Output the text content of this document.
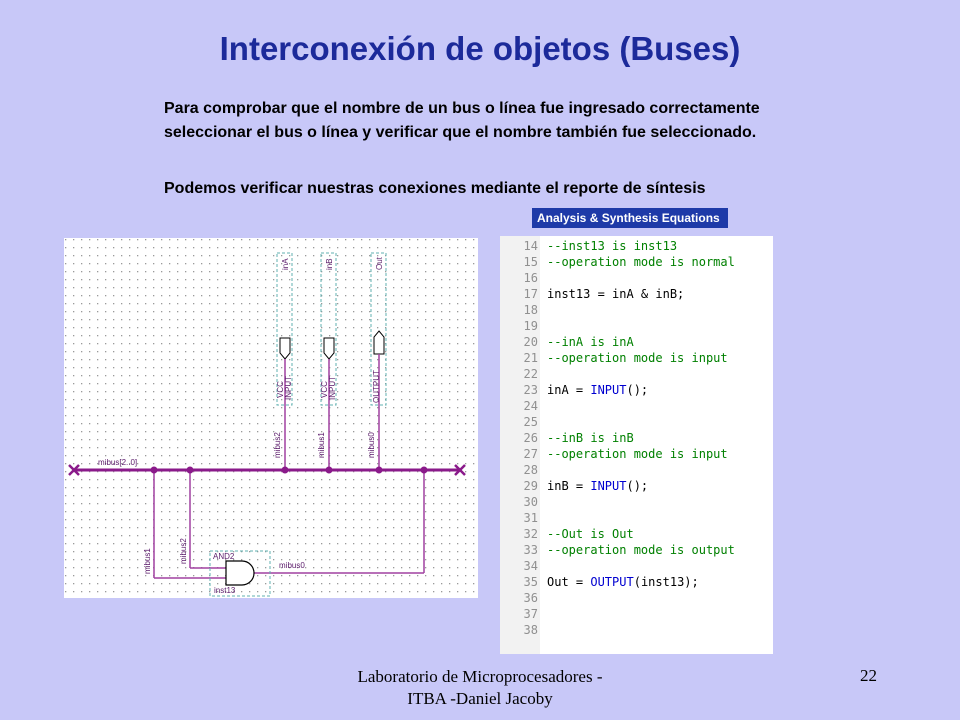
Interconexión de objetos (Buses)
Para comprobar que el nombre de un bus o línea fue ingresado correctamente seleccionar el bus o línea y verificar que el nombre también fue seleccionado.
Podemos verificar nuestras conexiones mediante el reporte de síntesis
mibus[2..0]
inA	inB	Out
VCC INPUT	VCC INPUT	OUTPUT
mibus2	mibus1	mibus0
mibus1	mibus2
mibus0
AND2
inst13
Analysis & Synthesis Equations
14 --inst13 is inst13
15 --operation mode is normal
16
17 inst13 = inA & inB;
18
19
20 --inA is inA
21 --operation mode is input
22
23 inA = INPUT();
24
25
26 --inB is inB
27 --operation mode is input
28
29 inB = INPUT();
30
31
32 --Out is Out
33 --operation mode is output
34
35 Out = OUTPUT(inst13);
36
37
38
Laboratorio de Microprocesadores -
ITBA -Daniel Jacoby
22
